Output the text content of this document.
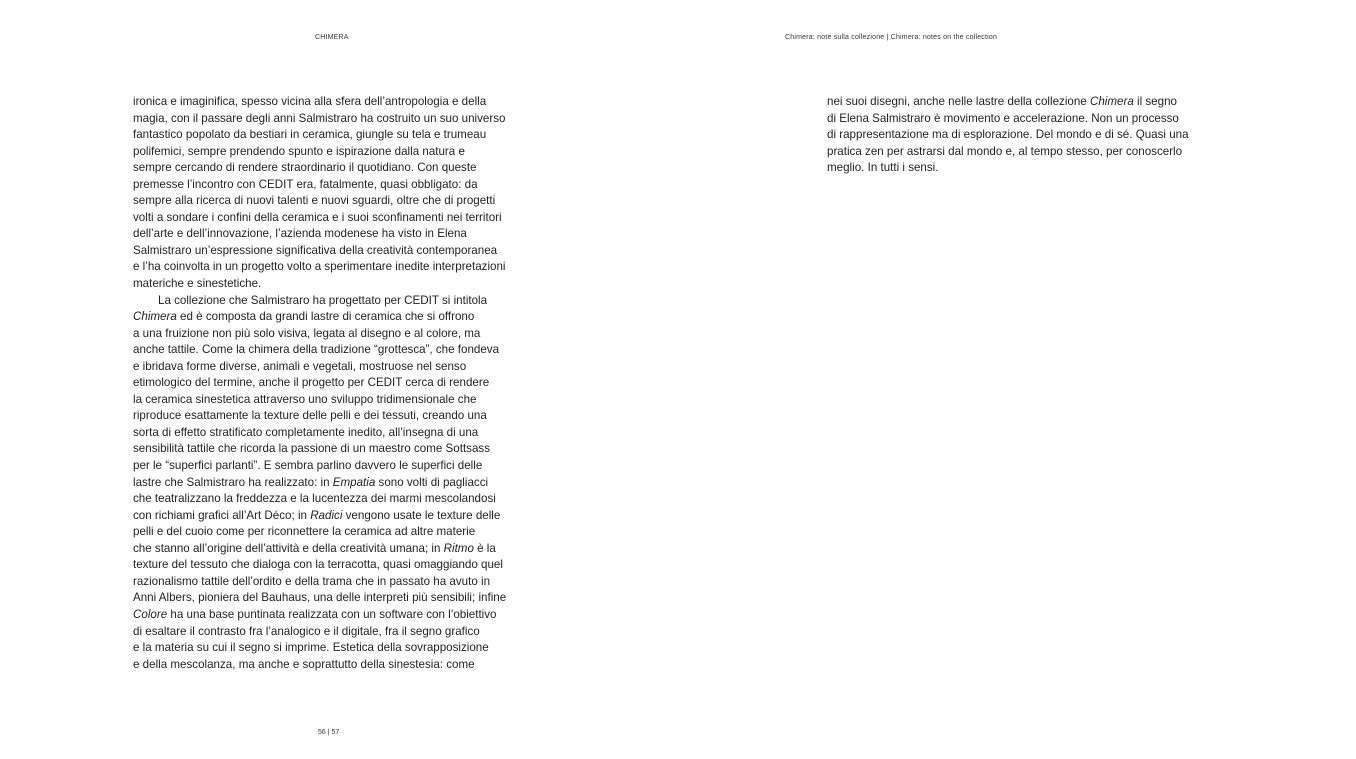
CHIMERA	Chimera: note sulla collezione | Chimera: notes on the collection
ironica e imaginifica, spesso vicina alla sfera dell’antropologia e della
magia, con il passare degli anni Salmistraro ha costruito un suo universo
fantastico popolato da bestiari in ceramica, giungle su tela e trumeau
polifemici, sempre prendendo spunto e ispirazione dalla natura e
sempre cercando di rendere straordinario il quotidiano. Con queste
premesse l’incontro con CEDIT era, fatalmente, quasi obbligato: da
sempre alla ricerca di nuovi talenti e nuovi sguardi, oltre che di progetti
volti a sondare i confini della ceramica e i suoi sconfinamenti nei territori
dell’arte e dell’innovazione, l’azienda modenese ha visto in Elena
Salmistraro un’espressione significativa della creatività contemporanea
e l’ha coinvolta in un progetto volto a sperimentare inedite interpretazioni
materiche e sinestetiche.
La collezione che Salmistraro ha progettato per CEDIT si intitola
Chimera ed è composta da grandi lastre di ceramica che si offrono
a una fruizione non più solo visiva, legata al disegno e al colore, ma
anche tattile. Come la chimera della tradizione “grottesca”, che fondeva
e ibridava forme diverse, animali e vegetali, mostruose nel senso
etimologico del termine, anche il progetto per CEDIT cerca di rendere
la ceramica sinestetica attraverso uno sviluppo tridimensionale che
riproduce esattamente la texture delle pelli e dei tessuti, creando una
sorta di effetto stratificato completamente inedito, all’insegna di una
sensibilità tattile che ricorda la passione di un maestro come Sottsass
per le “superfici parlanti”. E sembra parlino davvero le superfici delle
lastre che Salmistraro ha realizzato: in Empatia sono volti di pagliacci
che teatralizzano la freddezza e la lucentezza dei marmi mescolandosi
con richiami grafici all’Art Déco; in Radici vengono usate le texture delle
pelli e del cuoio come per riconnettere la ceramica ad altre materie
che stanno all’origine dell’attività e della creatività umana; in Ritmo è la
texture del tessuto che dialoga con la terracotta, quasi omaggiando quel
razionalismo tattile dell’ordito e della trama che in passato ha avuto in
Anni Albers, pioniera del Bauhaus, una delle interpreti più sensibili; infine
Colore ha una base puntinata realizzata con un software con l’obiettivo
di esaltare il contrasto fra l’analogico e il digitale, fra il segno grafico
e la materia su cui il segno si imprime. Estetica della sovrapposizione
e della mescolanza, ma anche e soprattutto della sinestesia: come
nei suoi disegni, anche nelle lastre della collezione Chimera il segno
di Elena Salmistraro è movimento e accelerazione. Non un processo
di rappresentazione ma di esplorazione. Del mondo e di sé. Quasi una
pratica zen per astrarsi dal mondo e, al tempo stesso, per conoscerlo
meglio. In tutti i sensi.
56 | 57
